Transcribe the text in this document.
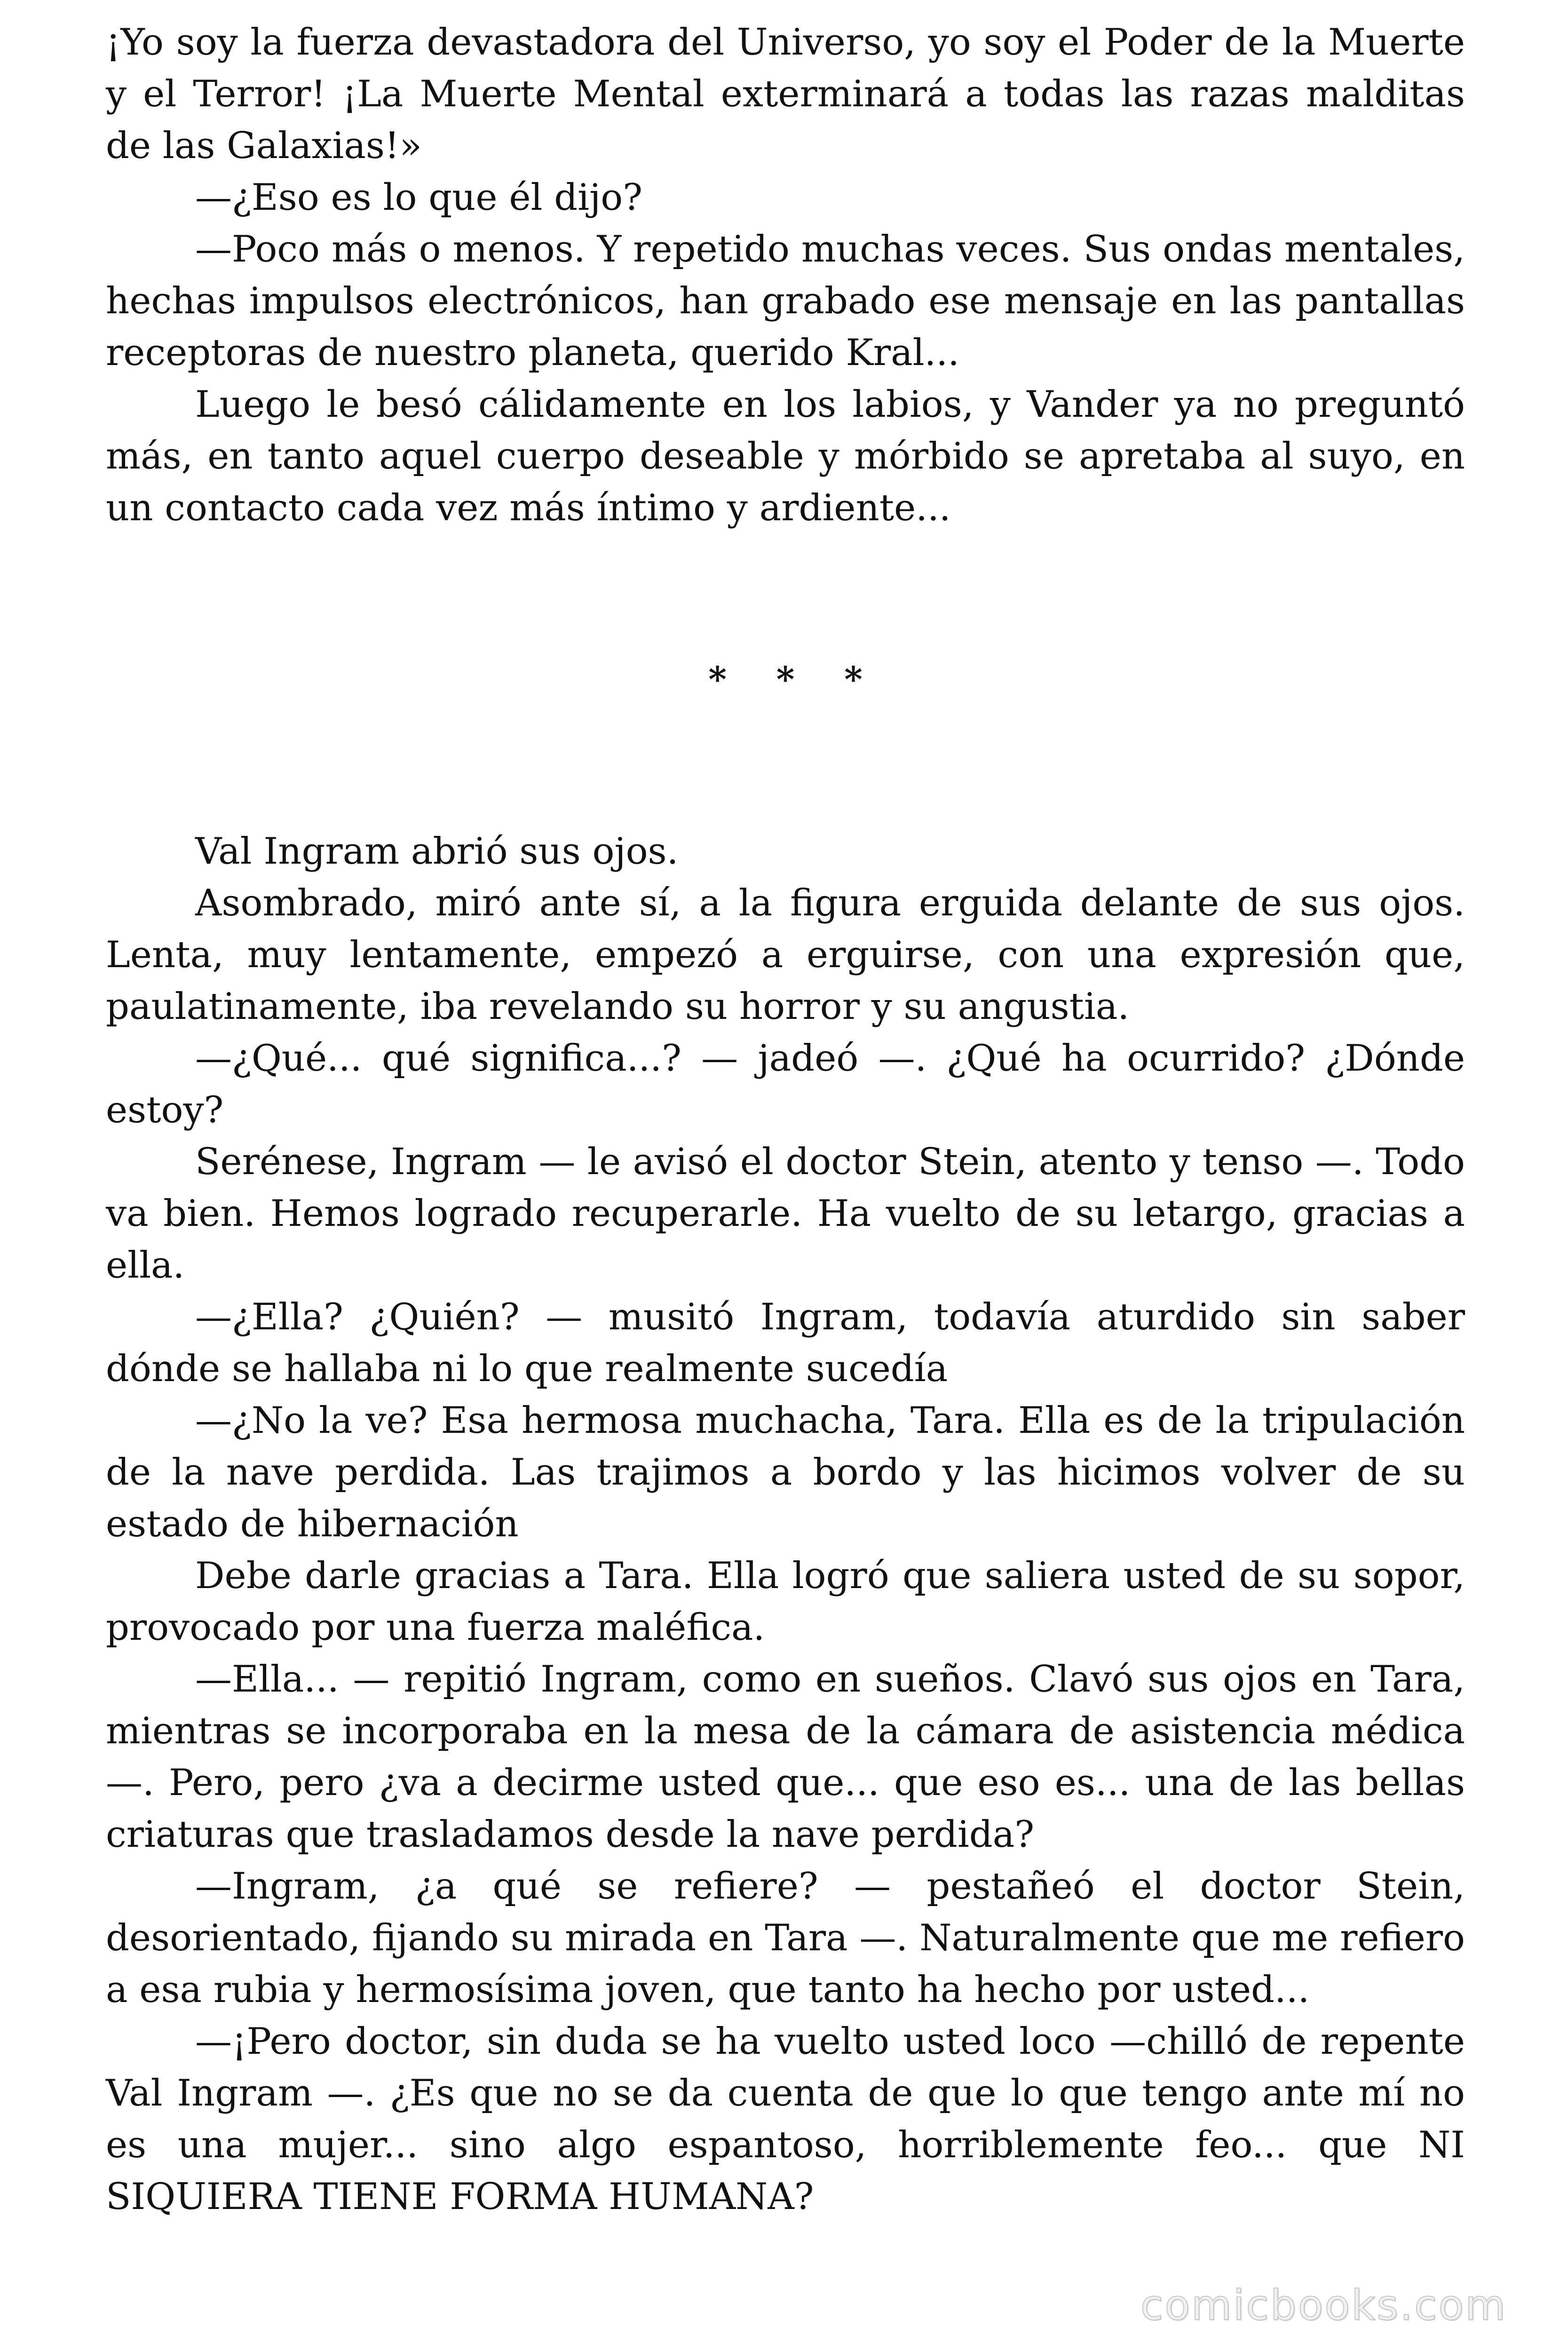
¡Yo soy la fuerza devastadora del Universo, yo soy el Poder de la Muerte y el Terror! ¡La Muerte Mental exterminará a todas las razas malditas de las Galaxias!»

—¿Eso es lo que él dijo?

—Poco más o menos. Y repetido muchas veces. Sus ondas mentales, hechas impulsos electrónicos, han grabado ese mensaje en las pantallas receptoras de nuestro planeta, querido Kral...

Luego le besó cálidamente en los labios, y Vander ya no preguntó más, en tanto aquel cuerpo deseable y mórbido se apretaba al suyo, en un contacto cada vez más íntimo y ardiente...

* * *

Val Ingram abrió sus ojos.

Asombrado, miró ante sí, a la figura erguida delante de sus ojos. Lenta, muy lentamente, empezó a erguirse, con una expresión que, paulatinamente, iba revelando su horror y su angustia.

—¿Qué... qué significa...? — jadeó —. ¿Qué ha ocurrido? ¿Dónde estoy?

Serénese, Ingram — le avisó el doctor Stein, atento y tenso —. Todo va bien. Hemos logrado recuperarle. Ha vuelto de su letargo, gracias a ella.

—¿Ella? ¿Quién? — musitó Ingram, todavía aturdido sin saber dónde se hallaba ni lo que realmente sucedía

—¿No la ve? Esa hermosa muchacha, Tara. Ella es de la tripulación de la nave perdida. Las trajimos a bordo y las hicimos volver de su estado de hibernación

Debe darle gracias a Tara. Ella logró que saliera usted de su sopor, provocado por una fuerza maléfica.

—Ella... — repitió Ingram, como en sueños. Clavó sus ojos en Tara, mientras se incorporaba en la mesa de la cámara de asistencia médica —. Pero, pero ¿va a decirme usted que... que eso es... una de las bellas criaturas que trasladamos desde la nave perdida?

—Ingram, ¿a qué se refiere? — pestañeó el doctor Stein, desorientado, fijando su mirada en Tara —. Naturalmente que me refiero a esa rubia y hermosísima joven, que tanto ha hecho por usted...

—¡Pero doctor, sin duda se ha vuelto usted loco —chilló de repente Val Ingram —. ¿Es que no se da cuenta de que lo que tengo ante mí no es una mujer... sino algo espantoso, horriblemente feo... que NI SIQUIERA TIENE FORMA HUMANA?

comicbooks.com
